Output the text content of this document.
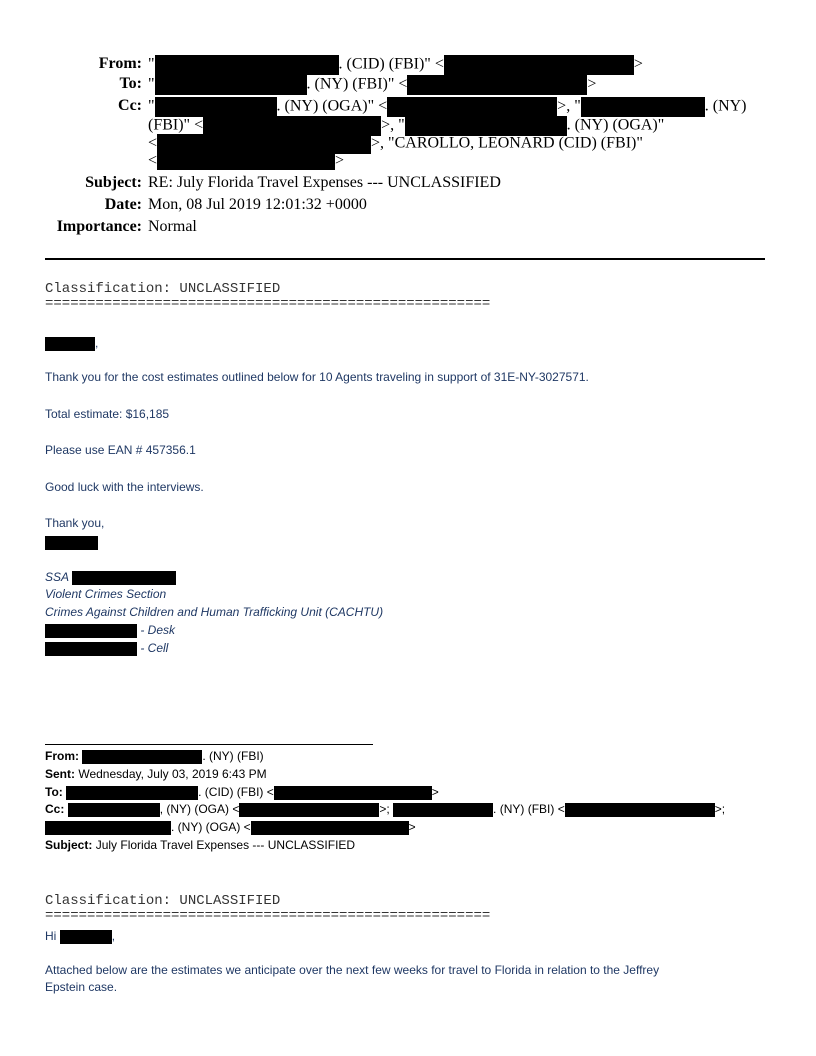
From: "	. (CID) (FBI)" <	>
To: "	. (NY) (FBI)" <	>
Cc: "	. (NY) (OGA)" <	>, "	. (NY)
(FBI)" <	>, "	. (NY) (OGA)"
<	>, "CAROLLO, LEONARD (CID) (FBI)"
<	>
Subject: RE: July Florida Travel Expenses --- UNCLASSIFIED
Date: Mon, 08 Jul 2019 12:01:32 +0000
Importance: Normal
Classification: UNCLASSIFIED
=====================================================
,
Thank you for the cost estimates outlined below for 10 Agents traveling in support of 31E-NY-3027571.
Total estimate: $16,185
Please use EAN # 457356.1
Good luck with the interviews.
Thank you,
SSA
Violent Crimes Section
Crimes Against Children and Human Trafficking Unit (CACHTU)
- Desk
- Cell
From:	. (NY) (FBI)
Sent: Wednesday, July 03, 2019 6:43 PM
To:	. (CID) (FBI) <	>
Cc:	, (NY) (OGA) <	>;	. (NY) (FBI) <	>;
. (NY) (OGA) <	>
Subject: July Florida Travel Expenses --- UNCLASSIFIED
Classification: UNCLASSIFIED
=====================================================
Hi	,
Attached below are the estimates we anticipate over the next few weeks for travel to Florida in relation to the Jeffrey
Epstein case.
